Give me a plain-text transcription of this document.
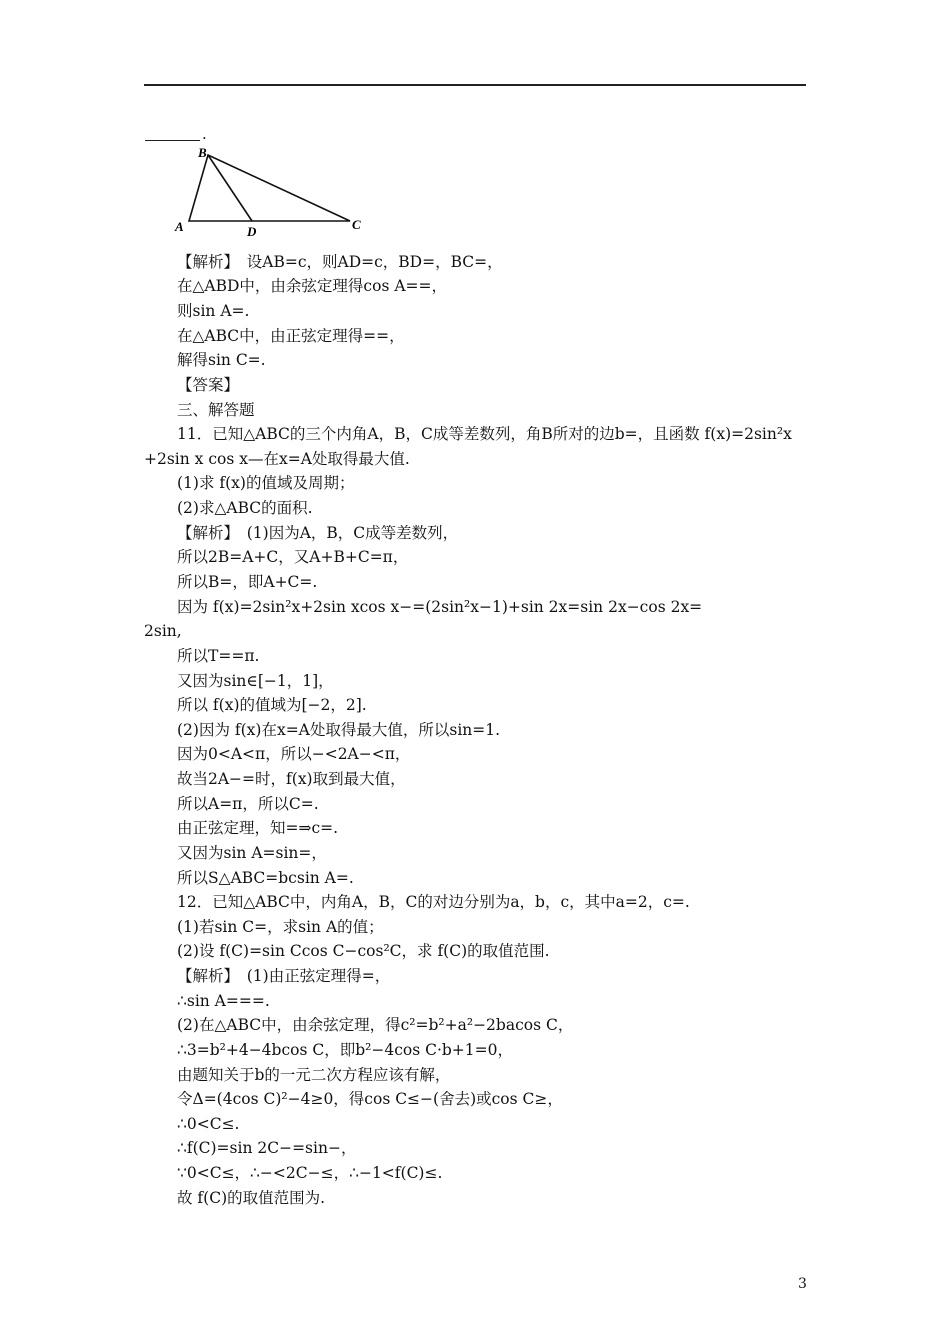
.
B
A	D	C
【解析】　设AB=c，则AD=c，BD=，BC=，
在△ABD中，由余弦定理得cos A==，
则sin A=.
在△ABC中，由正弦定理得==，
解得sin C=.
【答案】
三、解答题
11．已知△ABC的三个内角A，B，C成等差数列，角B所对的边b=，且函数 f(x)=2sin²x
+2sin x cos x—在x=A处取得最大值.
(1)求 f(x)的值域及周期；
(2)求△ABC的面积.
【解析】　(1)因为A，B，C成等差数列，
所以2B=A+C，又A+B+C=π，
所以B=，即A+C=.
因为 f(x)=2sin²x+2sin xcos x−=(2sin²x−1)+sin 2x=sin 2x−cos 2x=
2sin,
所以T==π.
又因为sin∈[−1，1]，
所以 f(x)的值域为[−2，2].
(2)因为 f(x)在x=A处取得最大值，所以sin=1.
因为0<A<π，所以−<2A−<π，
故当2A−=时，f(x)取到最大值，
所以A=π，所以C=.
由正弦定理，知=⇒c=.
又因为sin A=sin=，
所以S△ABC=bcsin A=.
12．已知△ABC中，内角A，B，C的对边分别为a，b，c，其中a=2，c=.
(1)若sin C=，求sin A的值；
(2)设 f(C)=sin Ccos C−cos²C，求 f(C)的取值范围.
【解析】　(1)由正弦定理得=，
∴sin A===.
(2)在△ABC中，由余弦定理，得c²=b²+a²−2bacos C，
∴3=b²+4−4bcos C，即b²−4cos C·b+1=0，
由题知关于b的一元二次方程应该有解，
令Δ=(4cos C)²−4≥0，得cos C≤−(舍去)或cos C≥，
∴0<C≤.
∴f(C)=sin 2C−=sin−，
∵0<C≤，∴−<2C−≤，∴−1<f(C)≤.
故 f(C)的取值范围为.
3
